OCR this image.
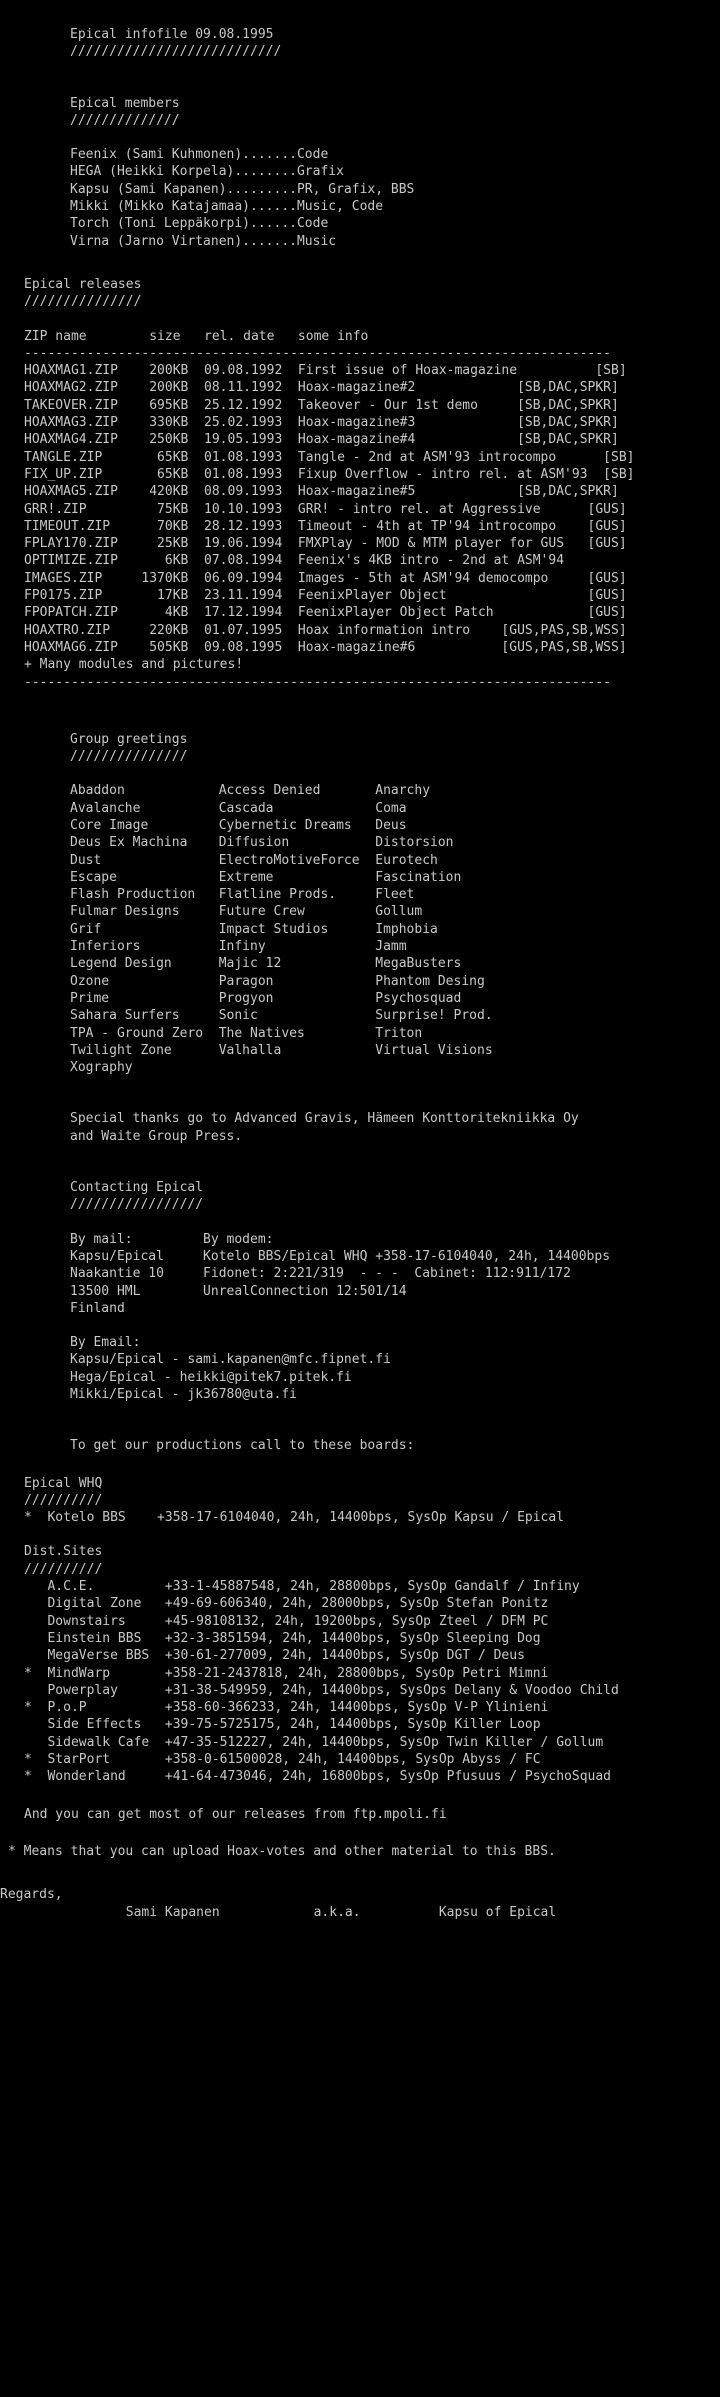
Epical infofile 09.08.1995
///////////////////////////
Epical members
//////////////
Feenix (Sami Kuhmonen).......Code
HEGA (Heikki Korpela)........Grafix
Kapsu (Sami Kapanen).........PR, Grafix, BBS
Mikki (Mikko Katajamaa)......Music, Code
Torch (Toni Leppäkorpi)......Code
Virna (Jarno Virtanen).......Music
Epical releases
///////////////
ZIP name        size   rel. date   some info
---------------------------------------------------------------------------
HOAXMAG1.ZIP    200KB  09.08.1992  First issue of Hoax-magazine          [SB]
HOAXMAG2.ZIP    200KB  08.11.1992  Hoax-magazine#2             [SB,DAC,SPKR]
TAKEOVER.ZIP    695KB  25.12.1992  Takeover - Our 1st demo     [SB,DAC,SPKR]
HOAXMAG3.ZIP    330KB  25.02.1993  Hoax-magazine#3             [SB,DAC,SPKR]
HOAXMAG4.ZIP    250KB  19.05.1993  Hoax-magazine#4             [SB,DAC,SPKR]
TANGLE.ZIP       65KB  01.08.1993  Tangle - 2nd at ASM'93 introcompo      [SB]
FIX_UP.ZIP       65KB  01.08.1993  Fixup Overflow - intro rel. at ASM'93  [SB]
HOAXMAG5.ZIP    420KB  08.09.1993  Hoax-magazine#5             [SB,DAC,SPKR]
GRR!.ZIP         75KB  10.10.1993  GRR! - intro rel. at Aggressive      [GUS]
TIMEOUT.ZIP      70KB  28.12.1993  Timeout - 4th at TP'94 introcompo    [GUS]
FPLAY170.ZIP     25KB  19.06.1994  FMXPlay - MOD & MTM player for GUS   [GUS]
OPTIMIZE.ZIP      6KB  07.08.1994  Feenix's 4KB intro - 2nd at ASM'94
IMAGES.ZIP     1370KB  06.09.1994  Images - 5th at ASM'94 democompo     [GUS]
FP0175.ZIP       17KB  23.11.1994  FeenixPlayer Object                  [GUS]
FPOPATCH.ZIP      4KB  17.12.1994  FeenixPlayer Object Patch            [GUS]
HOAXTRO.ZIP     220KB  01.07.1995  Hoax information intro    [GUS,PAS,SB,WSS]
HOAXMAG6.ZIP    505KB  09.08.1995  Hoax-magazine#6           [GUS,PAS,SB,WSS]
+ Many modules and pictures!
---------------------------------------------------------------------------
Group greetings
///////////////
Abaddon            Access Denied       Anarchy
Avalanche          Cascada             Coma
Core Image         Cybernetic Dreams   Deus
Deus Ex Machina    Diffusion           Distorsion
Dust               ElectroMotiveForce  Eurotech
Escape             Extreme             Fascination
Flash Production   Flatline Prods.     Fleet
Fulmar Designs     Future Crew         Gollum
Grif               Impact Studios      Imphobia
Inferiors          Infiny              Jamm
Legend Design      Majic 12            MegaBusters
Ozone              Paragon             Phantom Desing
Prime              Progyon             Psychosquad
Sahara Surfers     Sonic               Surprise! Prod.
TPA - Ground Zero  The Natives         Triton
Twilight Zone      Valhalla            Virtual Visions
Xography
Special thanks go to Advanced Gravis, Hämeen Konttoritekniikka Oy
and Waite Group Press.
Contacting Epical
/////////////////
By mail:         By modem:
Kapsu/Epical     Kotelo BBS/Epical WHQ +358-17-6104040, 24h, 14400bps
Naakantie 10     Fidonet: 2:221/319  - - -  Cabinet: 112:911/172
13500 HML        UnrealConnection 12:501/14
Finland
By Email:
Kapsu/Epical - sami.kapanen@mfc.fipnet.fi
Hega/Epical - heikki@pitek7.pitek.fi
Mikki/Epical - jk36780@uta.fi
To get our productions call to these boards:
Epical WHQ
//////////
*  Kotelo BBS    +358-17-6104040, 24h, 14400bps, SysOp Kapsu / Epical
Dist.Sites
//////////
A.C.E.         +33-1-45887548, 24h, 28800bps, SysOp Gandalf / Infiny
Digital Zone   +49-69-606340, 24h, 28000bps, SysOp Stefan Ponitz
Downstairs     +45-98108132, 24h, 19200bps, SysOp Zteel / DFM PC
Einstein BBS   +32-3-3851594, 24h, 14400bps, SysOp Sleeping Dog
MegaVerse BBS  +30-61-277009, 24h, 14400bps, SysOp DGT / Deus
*  MindWarp       +358-21-2437818, 24h, 28800bps, SysOp Petri Mimni
Powerplay      +31-38-549959, 24h, 14400bps, SysOps Delany & Voodoo Child
*  P.o.P          +358-60-366233, 24h, 14400bps, SysOp V-P Ylinieni
Side Effects   +39-75-5725175, 24h, 14400bps, SysOp Killer Loop
Sidewalk Cafe  +47-35-512227, 24h, 14400bps, SysOp Twin Killer / Gollum
*  StarPort       +358-0-61500028, 24h, 14400bps, SysOp Abyss / FC
*  Wonderland     +41-64-473046, 24h, 16800bps, SysOp Pfusuus / PsychoSquad
And you can get most of our releases from ftp.mpoli.fi
* Means that you can upload Hoax-votes and other material to this BBS.
Regards,
Sami Kapanen            a.k.a.          Kapsu of Epical
